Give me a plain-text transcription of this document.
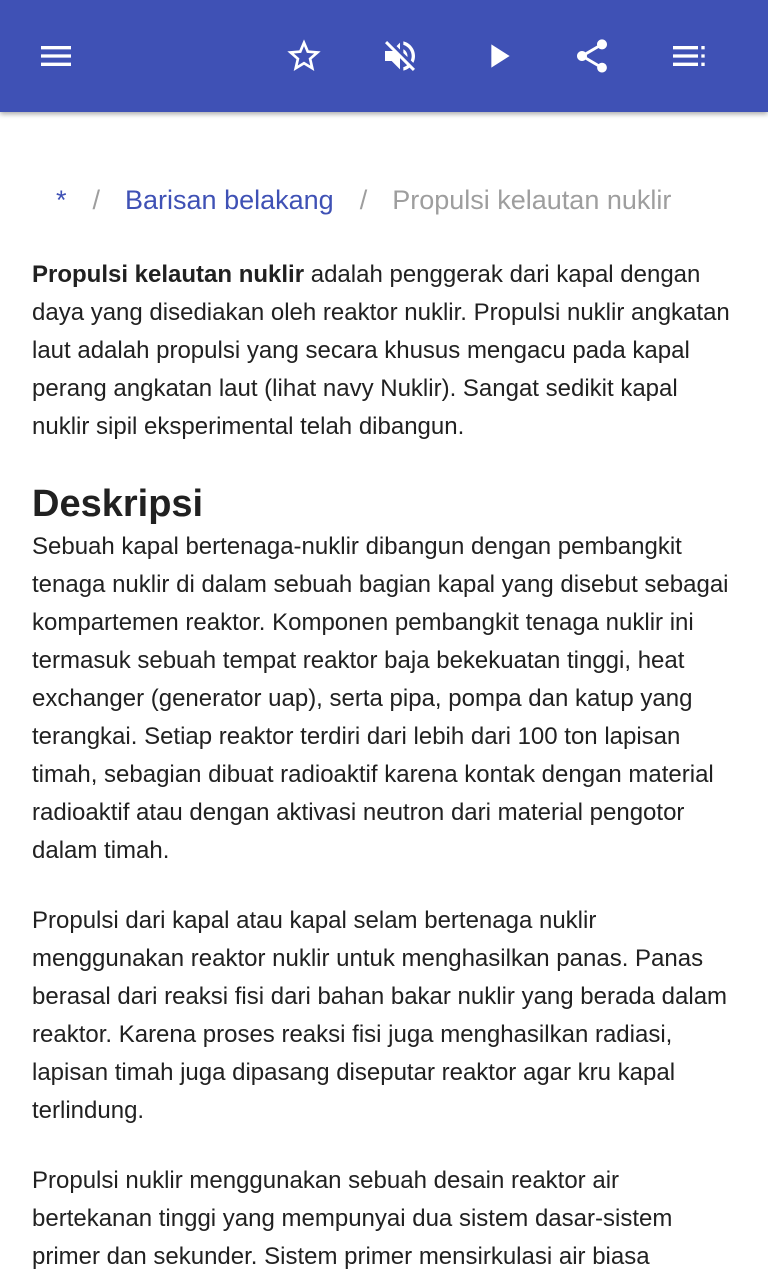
* / Barisan belakang / Propulsi kelautan nuklir

Propulsi kelautan nuklir adalah penggerak dari kapal dengan daya yang disediakan oleh reaktor nuklir. Propulsi nuklir angkatan laut adalah propulsi yang secara khusus mengacu pada kapal perang angkatan laut (lihat navy Nuklir). Sangat sedikit kapal nuklir sipil eksperimental telah dibangun.

Deskripsi

Sebuah kapal bertenaga-nuklir dibangun dengan pembangkit tenaga nuklir di dalam sebuah bagian kapal yang disebut sebagai kompartemen reaktor. Komponen pembangkit tenaga nuklir ini termasuk sebuah tempat reaktor baja bekekuatan tinggi, heat exchanger (generator uap), serta pipa, pompa dan katup yang terangkai. Setiap reaktor terdiri dari lebih dari 100 ton lapisan timah, sebagian dibuat radioaktif karena kontak dengan material radioaktif atau dengan aktivasi neutron dari material pengotor dalam timah.

Propulsi dari kapal atau kapal selam bertenaga nuklir menggunakan reaktor nuklir untuk menghasilkan panas. Panas berasal dari reaksi fisi dari bahan bakar nuklir yang berada dalam reaktor. Karena proses reaksi fisi juga menghasilkan radiasi, lapisan timah juga dipasang diseputar reaktor agar kru kapal terlindung.

Propulsi nuklir menggunakan sebuah desain reaktor air bertekanan tinggi yang mempunyai dua sistem dasar-sistem primer dan sekunder. Sistem primer mensirkulasi air biasa
